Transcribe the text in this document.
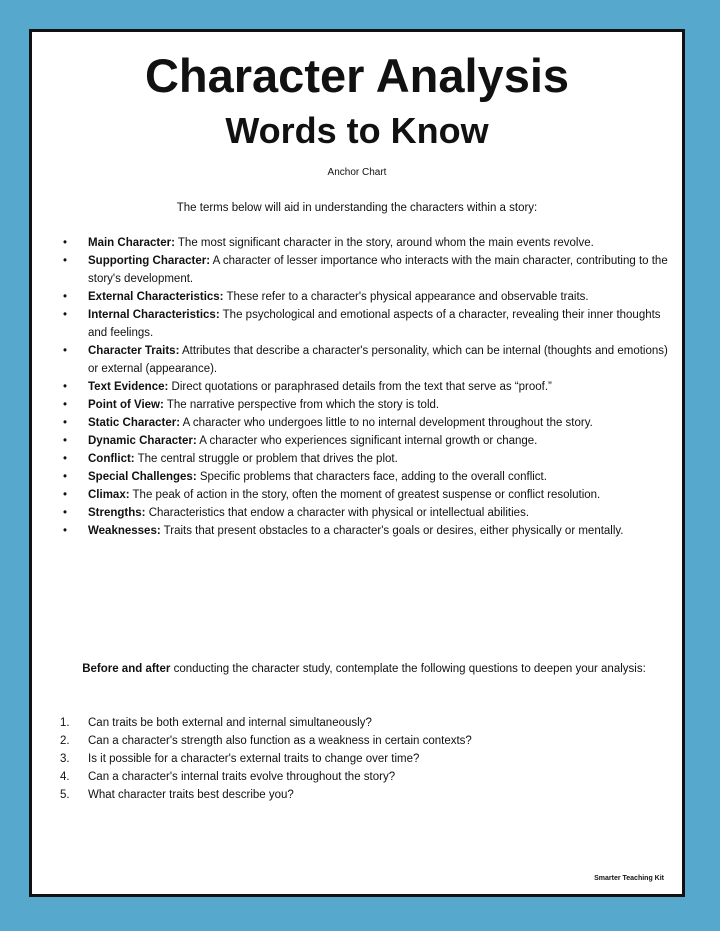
Character Analysis
Words to Know
Anchor Chart
The terms below will aid in understanding the characters within a story:
• Main Character: The most significant character in the story, around whom the main events revolve.
• Supporting Character: A character of lesser importance who interacts with the main character, contributing to the story's development.
• External Characteristics: These refer to a character's physical appearance and observable traits.
• Internal Characteristics: The psychological and emotional aspects of a character, revealing their inner thoughts and feelings.
• Character Traits: Attributes that describe a character's personality, which can be internal (thoughts and emotions) or external (appearance).
• Text Evidence: Direct quotations or paraphrased details from the text that serve as “proof.”
• Point of View: The narrative perspective from which the story is told.
• Static Character: A character who undergoes little to no internal development throughout the story.
• Dynamic Character: A character who experiences significant internal growth or change.
• Conflict: The central struggle or problem that drives the plot.
• Special Challenges: Specific problems that characters face, adding to the overall conflict.
• Climax: The peak of action in the story, often the moment of greatest suspense or conflict resolution.
• Strengths: Characteristics that endow a character with physical or intellectual abilities.
• Weaknesses: Traits that present obstacles to a character's goals or desires, either physically or mentally.
Before and after conducting the character study, contemplate the following questions to deepen your analysis:
1. Can traits be both external and internal simultaneously?
2. Can a character's strength also function as a weakness in certain contexts?
3. Is it possible for a character's external traits to change over time?
4. Can a character's internal traits evolve throughout the story?
5. What character traits best describe you?
Smarter Teaching Kit
